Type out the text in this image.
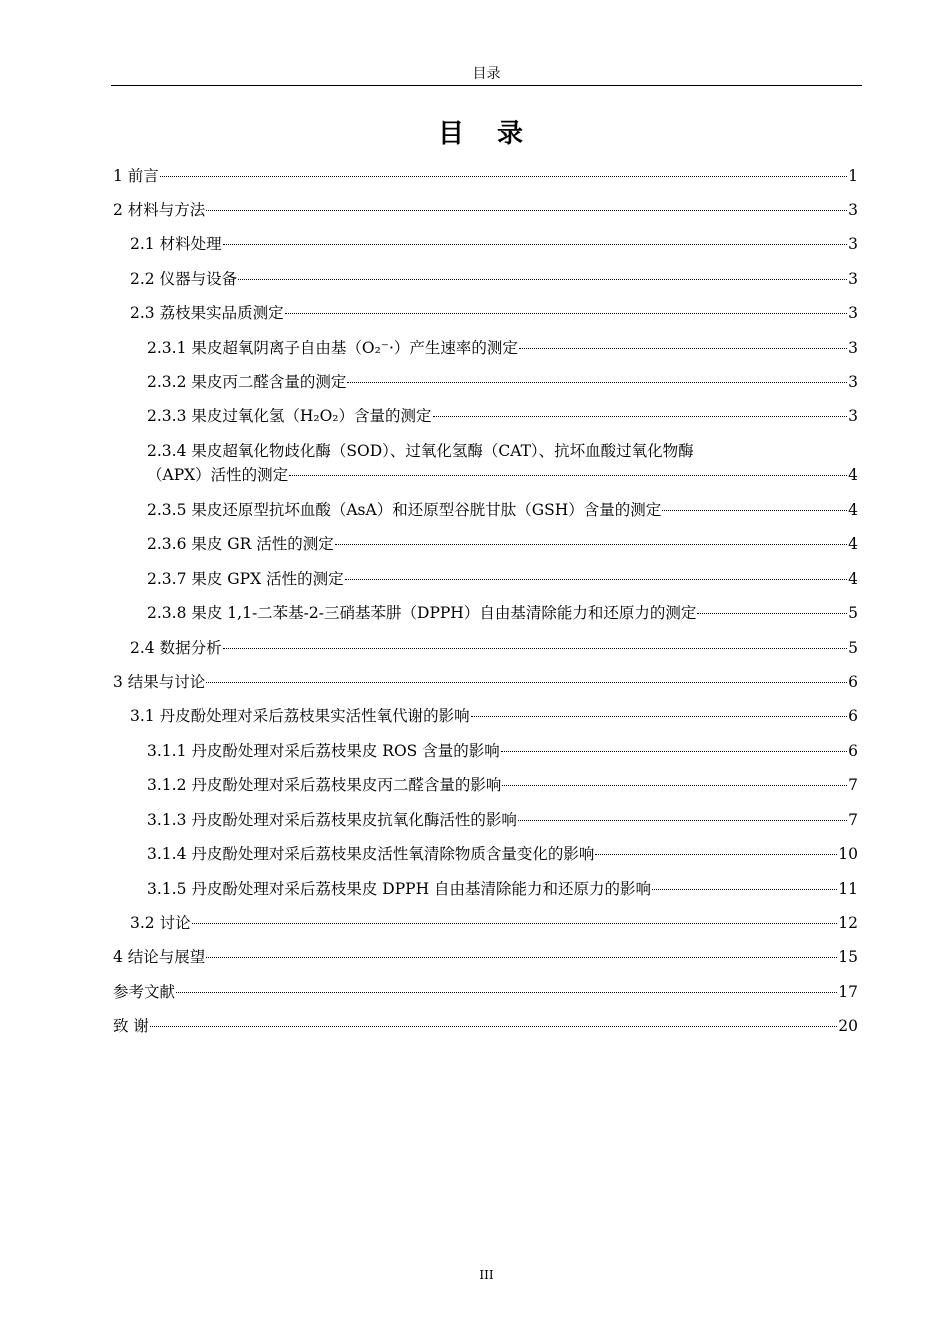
目录
目 录
1 前言	1
2 材料与方法	3
2.1 材料处理	3
2.2 仪器与设备	3
2.3 荔枝果实品质测定	3
2.3.1 果皮超氧阴离子自由基（O₂⁻·）产生速率的测定	3
2.3.2 果皮丙二醛含量的测定	3
2.3.3 果皮过氧化氢（H₂O₂）含量的测定	3
2.3.4 果皮超氧化物歧化酶（SOD）、过氧化氢酶（CAT）、抗坏血酸过氧化物酶
（APX）活性的测定	4
2.3.5 果皮还原型抗坏血酸（AsA）和还原型谷胱甘肽（GSH）含量的测定	4
2.3.6 果皮 GR 活性的测定	4
2.3.7 果皮 GPX 活性的测定	4
2.3.8 果皮 1,1-二苯基-2-三硝基苯肼（DPPH）自由基清除能力和还原力的测定	5
2.4 数据分析	5
3 结果与讨论	6
3.1 丹皮酚处理对采后荔枝果实活性氧代谢的影响	6
3.1.1 丹皮酚处理对采后荔枝果皮 ROS 含量的影响	6
3.1.2 丹皮酚处理对采后荔枝果皮丙二醛含量的影响	7
3.1.3 丹皮酚处理对采后荔枝果皮抗氧化酶活性的影响	7
3.1.4 丹皮酚处理对采后荔枝果皮活性氧清除物质含量变化的影响	10
3.1.5 丹皮酚处理对采后荔枝果皮 DPPH 自由基清除能力和还原力的影响	11
3.2 讨论	12
4 结论与展望	15
参考文献	17
致 谢	20
III
